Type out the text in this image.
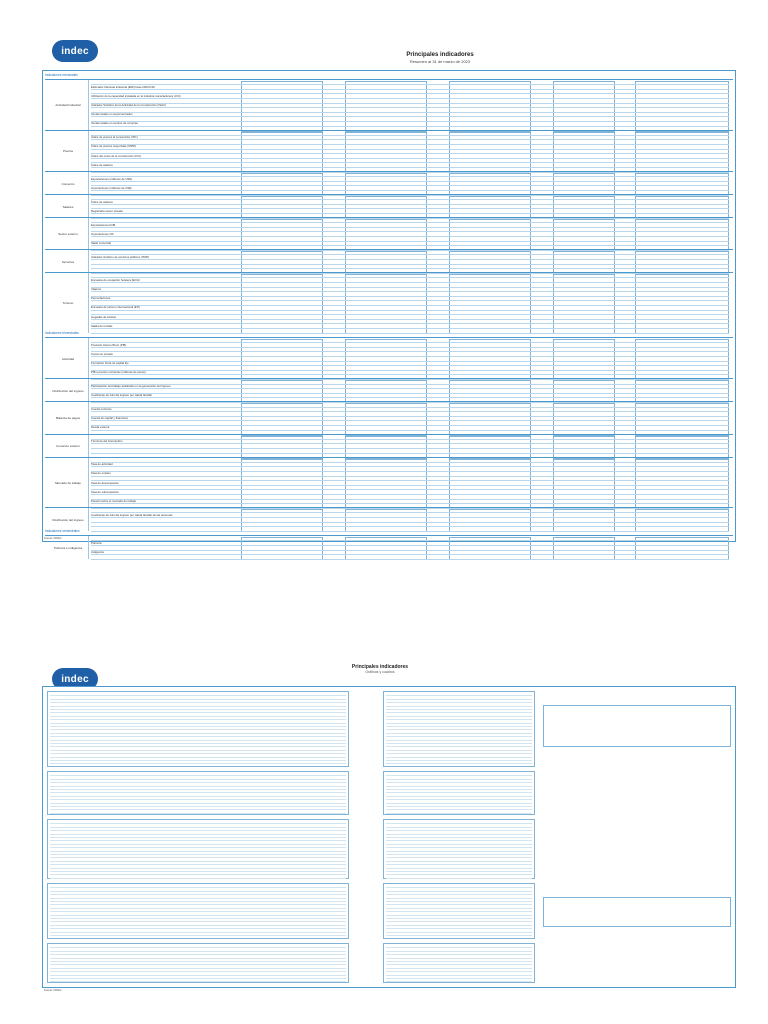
indec	Principales indicadores
Resumen al 31 de marzo de 2023
Indicadores mensuales
Actividad Industrial
Estimador Mensual Industrial (EMI) base 2004=100
Utilización de la capacidad instalada en la industria manufacturera (UCI)
Indicador Sintético de la Actividad de la Construcción (ISAC)
Ventas totales en supermercados
Ventas totales en centros de compras
Precios
Índice de precios al consumidor (IPC)
Índice de precios mayoristas (SIPM)
Índice del costo de la construcción (ICC)
Índice de salarios
Comercio
Exportaciones (millones de US$)
Importaciones (millones de US$)
Salarios
Índice de salarios
Registrado sector privado
Sector externo
Exportaciones FOB
Importaciones CIF
Saldo comercial
Servicios
Indicador sintético de servicios públicos (ISSP)
Turismo
Encuesta de ocupación hotelera (EOH)
Viajeros
Pernoctaciones
Encuesta de turismo internacional (ETI)
Llegadas de turistas
Salida de turistas
Indicadores trimestrales
Actividad
Producto Interno Bruto (PIB)
Consumo privado
Formación bruta de capital fijo
PIB a precios corrientes (millones de pesos)
Distribución del ingreso
Participación del trabajo asalariado en la generación del ingreso
Coeficiente de Gini del ingreso per cápita familiar
Balanza de pagos
Cuenta corriente
Cuenta de capital y financiera
Deuda externa
Comercio exterior
Términos del intercambio
Mercado de trabajo
Tasa de actividad
Tasa de empleo
Tasa de desocupación
Tasa de subocupación
Presión sobre el mercado de trabajo
Distribución del ingreso
Coeficiente de Gini del ingreso per cápita familiar de las personas
Indicadores semestrales
Pobreza e indigencia
Pobreza
Indigencia
Fuente: INDEC
indec
Principales indicadores
Gráficos y cuadros
Fuente: INDEC
